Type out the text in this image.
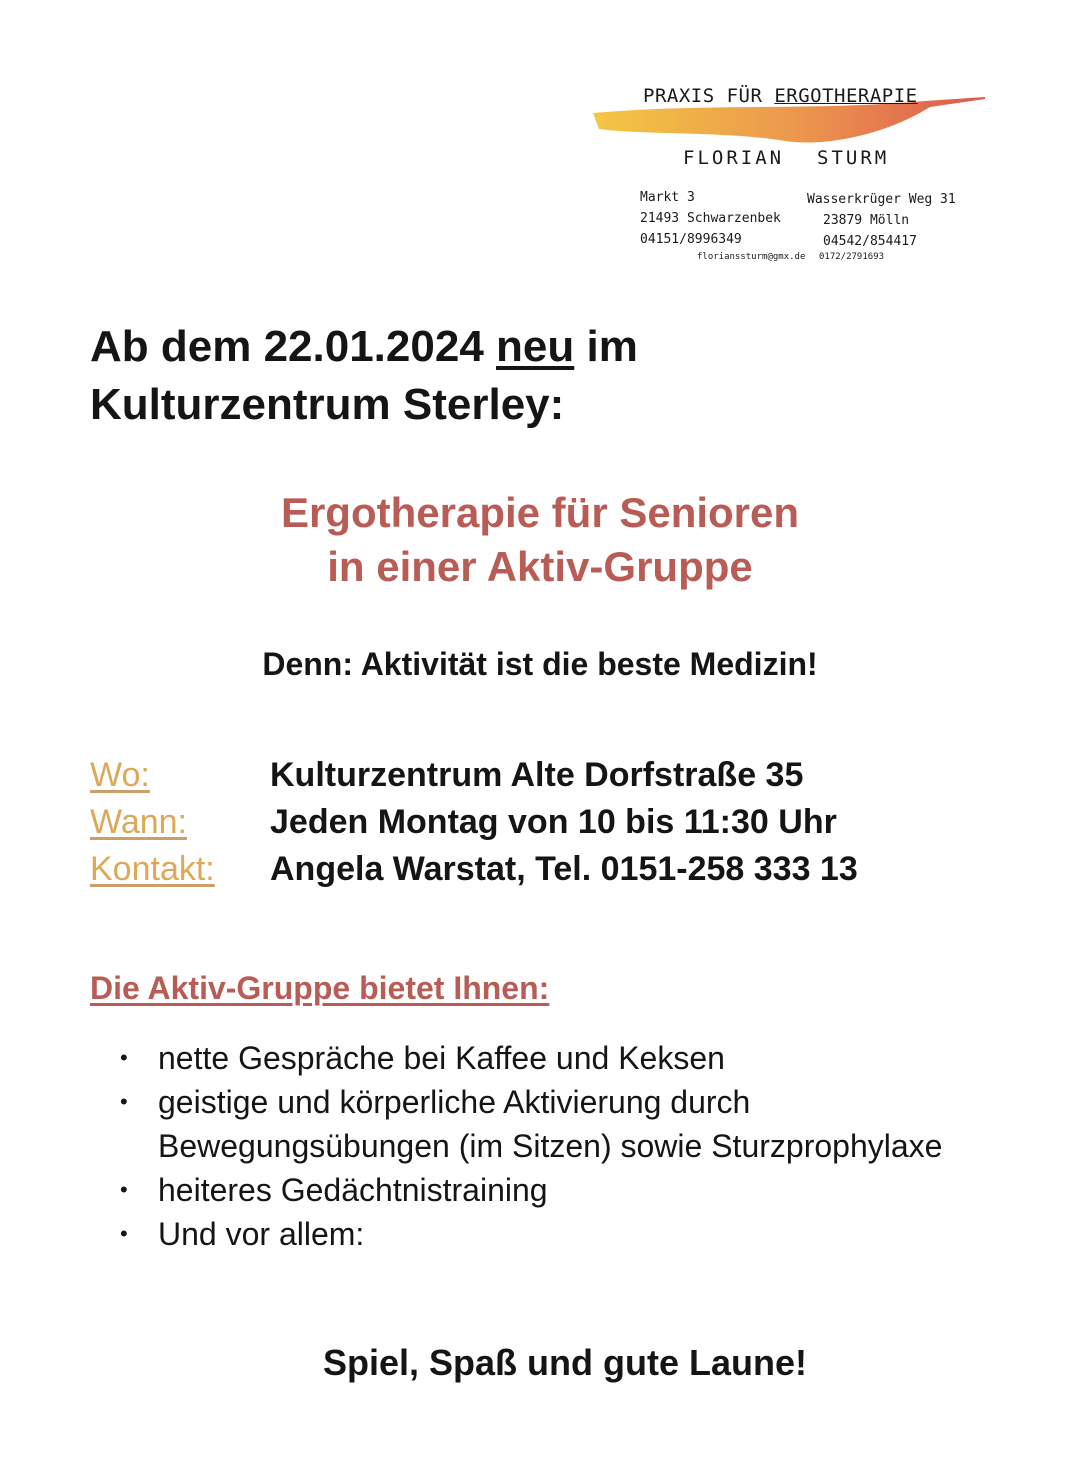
PRAXIS FÜR ERGOTHERAPIE
FLORIAN STURM
Markt 3
21493 Schwarzenbek
04151/8996349
Wasserkrüger Weg 31
23879 Mölln
04542/854417
florianssturm@gmx.de 0172/2791693
Ab dem 22.01.2024 neu im
Kulturzentrum Sterley:
Ergotherapie für Senioren
in einer Aktiv-Gruppe
Denn: Aktivität ist die beste Medizin!
Wo:	Kulturzentrum Alte Dorfstraße 35
Wann: Jeden Montag von 10 bis 11:30 Uhr
Kontakt: Angela Warstat, Tel. 0151-258 333 13
Die Aktiv-Gruppe bietet Ihnen:
• nette Gespräche bei Kaffee und Keksen
• geistige und körperliche Aktivierung durch Bewegungsübungen (im Sitzen) sowie Sturzprophylaxe
• heiteres Gedächtnistraining
• Und vor allem:
Spiel, Spaß und gute Laune!
